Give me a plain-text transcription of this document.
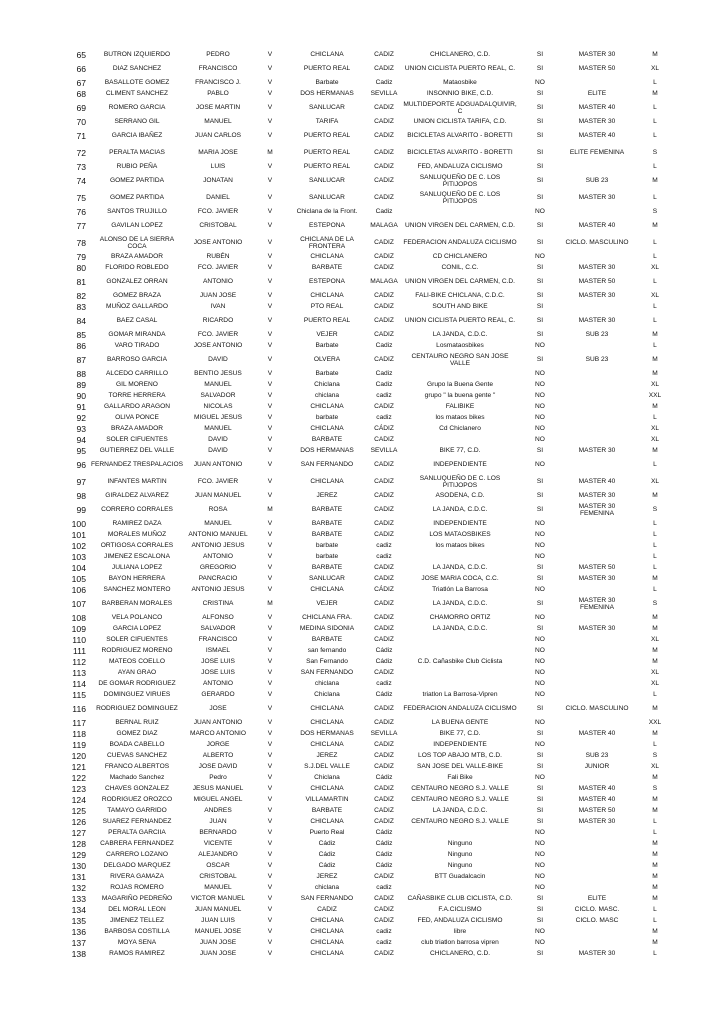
65	BUTRON IZQUIERDO	PEDRO	V	CHICLANA	CADIZ	CHICLANERO, C.D.	SI	MASTER 30	M
66	DIAZ SANCHEZ	FRANCISCO	V	PUERTO REAL	CADIZ	UNION CICLISTA PUERTO REAL, C.	SI	MASTER 50	XL
67	BASALLOTE GOMEZ	FRANCISCO J.	V	Barbate	Cadiz	Mataosbike	NO		L
68	CLIMENT SANCHEZ	PABLO	V	DOS HERMANAS	SEVILLA	INSONNIO BIKE, C.D.	SI	ELITE	M
69	ROMERO GARCIA	JOSE MARTIN	V	SANLUCAR	CADIZ	MULTIDEPORTE ADGUADALQUIVIR, C	SI	MASTER 40	L
70	SERRANO GIL	MANUEL	V	TARIFA	CADIZ	UNION CICLISTA TARIFA, C.D.	SI	MASTER 30	L
71	GARCIA IBAÑEZ	JUAN CARLOS	V	PUERTO REAL	CADIZ	BICICLETAS ALVARITO - BORETTI	SI	MASTER 40	L
72	PERALTA MACIAS	MARIA JOSE	M	PUERTO REAL	CADIZ	BICICLETAS ALVARITO - BORETTI	SI	ELITE FEMENINA	S
73	RUBIO PEÑA	LUIS	V	PUERTO REAL	CADIZ	FED, ANDALUZA CICLISMO	SI		L
74	GOMEZ PARTIDA	JONATAN	V	SANLUCAR	CADIZ	SANLUQUEÑO DE C. LOS PITIJOPOS	SI	SUB 23	M
75	GOMEZ PARTIDA	DANIEL	V	SANLUCAR	CADIZ	SANLUQUEÑO DE C. LOS PITIJOPOS	SI	MASTER 30	L
76	SANTOS TRUJILLO	FCO. JAVIER	V	Chiclana de la Front.	Cadiz		NO		S
77	GAVILAN LOPEZ	CRISTOBAL	V	ESTEPONA	MALAGA	UNION VIRGEN DEL CARMEN, C.D.	SI	MASTER 40	M
78	ALONSO DE LA SIERRA COCA	JOSE ANTONIO	V	CHICLANA DE LA FRONTERA	CADIZ	FEDERACION ANDALUZA CICLISMO	SI	CICLO. MASCULINO	L
79	BRAZA AMADOR	RUBÉN	V	CHICLANA	CADIZ	CD CHICLANERO	NO		L
80	FLORIDO ROBLEDO	FCO. JAVIER	V	BARBATE	CADIZ	CONIL, C.C.	SI	MASTER 30	XL
81	GONZALEZ ORRAN	ANTONIO	V	ESTEPONA	MALAGA	UNION VIRGEN DEL CARMEN, C.D.	SI	MASTER 50	L
82	GOMEZ BRAZA	JUAN JOSE	V	CHICLANA	CADIZ	FALI-BIKE CHICLANA, C.D.C.	SI	MASTER 30	XL
83	MUÑOZ GALLARDO	IVAN	V	PTO REAL	CADIZ	SOUTH AND BIKE	SI		L
84	BAEZ CASAL	RICARDO	V	PUERTO REAL	CADIZ	UNION CICLISTA PUERTO REAL, C.	SI	MASTER 30	L
85	GOMAR MIRANDA	FCO. JAVIER	V	VEJER	CADIZ	LA JANDA, C.D.C.	SI	SUB 23	M
86	VARO TIRADO	JOSE ANTONIO	V	Barbate	Cadiz	Losmataosbikes	NO		L
87	BARROSO GARCIA	DAVID	V	OLVERA	CADIZ	CENTAURO NEGRO SAN JOSE VALLE	SI	SUB 23	M
88	ALCEDO CARRILLO	BENTIO JESUS	V	Barbate	Cadiz		NO		M
89	GIL MORENO	MANUEL	V	Chiclana	Cadiz	Grupo la Buena Gente	NO		XL
90	TORRE HERRERA	SALVADOR	V	chiclana	cadiz	grupo " la buena gente "	NO		XXL
91	GALLARDO ARAGON	NICOLAS	V	CHICLANA	CADIZ	FALIBIKE	NO		M
92	OLIVA PONCE	MIGUEL JESUS	V	barbate	cadiz	los mataos bikes	NO		L
93	BRAZA AMADOR	MANUEL	V	CHICLANA	CÁDIZ	Cd Chiclanero	NO		XL
94	SOLER CIFUENTES	DAVID	V	BARBATE	CADIZ		NO		XL
95	GUTIERREZ DEL VALLE	DAVID	V	DOS HERMANAS	SEVILLA	BIKE 77, C.D.	SI	MASTER 30	M
96	FERNANDEZ TRESPALACIOS	JUAN ANTONIO	V	SAN FERNANDO	CADIZ	INDEPENDIENTE	NO		L
97	INFANTES MARTIN	FCO. JAVIER	V	CHICLANA	CADIZ	SANLUQUEÑO DE C. LOS PITIJOPOS	SI	MASTER 40	XL
98	GIRALDEZ ALVAREZ	JUAN MANUEL	V	JEREZ	CADIZ	ASODENA, C.D.	SI	MASTER 30	M
99	CORRERO CORRALES	ROSA	M	BARBATE	CADIZ	LA JANDA, C.D.C.	SI	MASTER 30 FEMENINA	S
100	RAMIREZ DAZA	MANUEL	V	BARBATE	CADIZ	INDEPENDIENTE	NO		L
101	MORALES MUÑOZ	ANTONIO MANUEL	V	BARBATE	CADIZ	LOS MATAOSBIKES	NO		L
102	ORTIGOSA CORRALES	ANTONIO JESUS	V	barbate	cadiz	los mataos bikes	NO		L
103	JIMENEZ ESCALONA	ANTONIO	V	barbate	cadiz		NO		L
104	JULIANA LOPEZ	GREGORIO	V	BARBATE	CADIZ	LA JANDA, C.D.C.	SI	MASTER 50	L
105	BAYON HERRERA	PANCRACIO	V	SANLUCAR	CADIZ	JOSE MARIA COCA, C.C.	SI	MASTER 30	M
106	SANCHEZ MONTERO	ANTONIO JESUS	V	CHICLANA	CÁDIZ	Triatlón La Barrosa	NO		L
107	BARBERAN MORALES	CRISTINA	M	VEJER	CADIZ	LA JANDA, C.D.C.	SI	MASTER 30 FEMENINA	S
108	VELA POLANCO	ALFONSO	V	CHICLANA FRA.	CADIZ	CHAMORRO ORTIZ	NO		M
109	GARCIA LOPEZ	SALVADOR	V	MEDINA SIDONIA	CADIZ	LA JANDA, C.D.C.	SI	MASTER 30	M
110	SOLER CIFUENTES	FRANCISCO	V	BARBATE	CADIZ		NO		XL
111	RODRIGUEZ MORENO	ISMAEL	V	san fernando	Cádiz		NO		M
112	MATEOS COELLO	JOSE LUIS	V	San Fernando	Cádiz	C.D. Cañasbike Club Ciclista	NO		M
113	AYAN GRAO	JOSE LUIS	V	SAN FERNANDO	CADIZ		NO		XL
114	DE GOMAR RODRIGUEZ	ANTONIO	V	chiclana	cadiz		NO		XL
115	DOMINGUEZ VIRUES	GERARDO	V	Chiclana	Cádiz	triatlon La Barrosa-Vipren	NO		L
116	RODRIGUEZ DOMINGUEZ	JOSE	V	CHICLANA	CADIZ	FEDERACION ANDALUZA CICLISMO	SI	CICLO. MASCULINO	M
117	BERNAL RUIZ	JUAN ANTONIO	V	CHICLANA	CADIZ	LA BUENA GENTE	NO		XXL
118	GOMEZ DIAZ	MARCO ANTONIO	V	DOS HERMANAS	SEVILLA	BIKE 77, C.D.	SI	MASTER 40	M
119	BOADA CABELLO	JORGE	V	CHICLANA	CADIZ	INDEPENDIENTE	NO		L
120	CUEVAS SANCHEZ	ALBERTO	V	JEREZ	CADIZ	LOS TOP ABAJO MTB, C.D.	SI	SUB 23	S
121	FRANCO ALBERTOS	JOSE DAVID	V	S.J.DEL VALLE	CADIZ	SAN JOSE DEL VALLE-BIKE	SI	JUNIOR	XL
122	Machado Sanchez	Pedro	V	Chiclana	Cádiz	Fali Bike	NO		M
123	CHAVES GONZALEZ	JESUS MANUEL	V	CHICLANA	CADIZ	CENTAURO NEGRO S.J. VALLE	SI	MASTER 40	S
124	RODRIGUEZ OROZCO	MIGUEL ANGEL	V	VILLAMARTIN	CADIZ	CENTAURO NEGRO S.J. VALLE	SI	MASTER 40	M
125	TAMAYO GARRIDO	ANDRES	V	BARBATE	CADIZ	LA JANDA, C.D.C.	SI	MASTER 50	M
126	SUAREZ FERNANDEZ	JUAN	V	CHICLANA	CADIZ	CENTAURO NEGRO S.J. VALLE	SI	MASTER 30	L
127	PERALTA GARCIIA	BERNARDO	V	Puerto Real	Cádiz		NO		L
128	CABRERA FERNANDEZ	VICENTE	V	Cádiz	Cádiz	Ninguno	NO		M
129	CARRERO LOZANO	ALEJANDRO	V	Cádiz	Cádiz	Ninguno	NO		M
130	DELGADO MARQUEZ	OSCAR	V	Cádiz	Cádiz	Ninguno	NO		M
131	RIVERA GAMAZA	CRISTOBAL	V	JEREZ	CADIZ	BTT Guadalcacin	NO		M
132	ROJAS ROMERO	MANUEL	V	chiclana	cadiz		NO		M
133	MAGARIÑO PEDREÑO	VICTOR MANUEL	V	SAN FERNANDO	CADIZ	CAÑASBIKE CLUB CICLISTA, C.D.	SI	ELITE	M
134	DEL MORAL LEON	JUAN MANUEL	V	CADIZ	CADIZ	F.A.CICLISMO	SI	CICLO. MASC.	L
135	JIMENEZ TELLEZ	JUAN LUIS	V	CHICLANA	CADIZ	FED, ANDALUZA CICLISMO	SI	CICLO. MASC	L
136	BARBOSA COSTILLA	MANUEL JOSE	V	CHICLANA	cadiz	libre	NO		M
137	MOYA SENA	JUAN JOSE	V	CHICLANA	cadiz	club triatlon barrosa vipren	NO		M
138	RAMOS RAMIREZ	JUAN JOSE	V	CHICLANA	CADIZ	CHICLANERO, C.D.	SI	MASTER 30	L
